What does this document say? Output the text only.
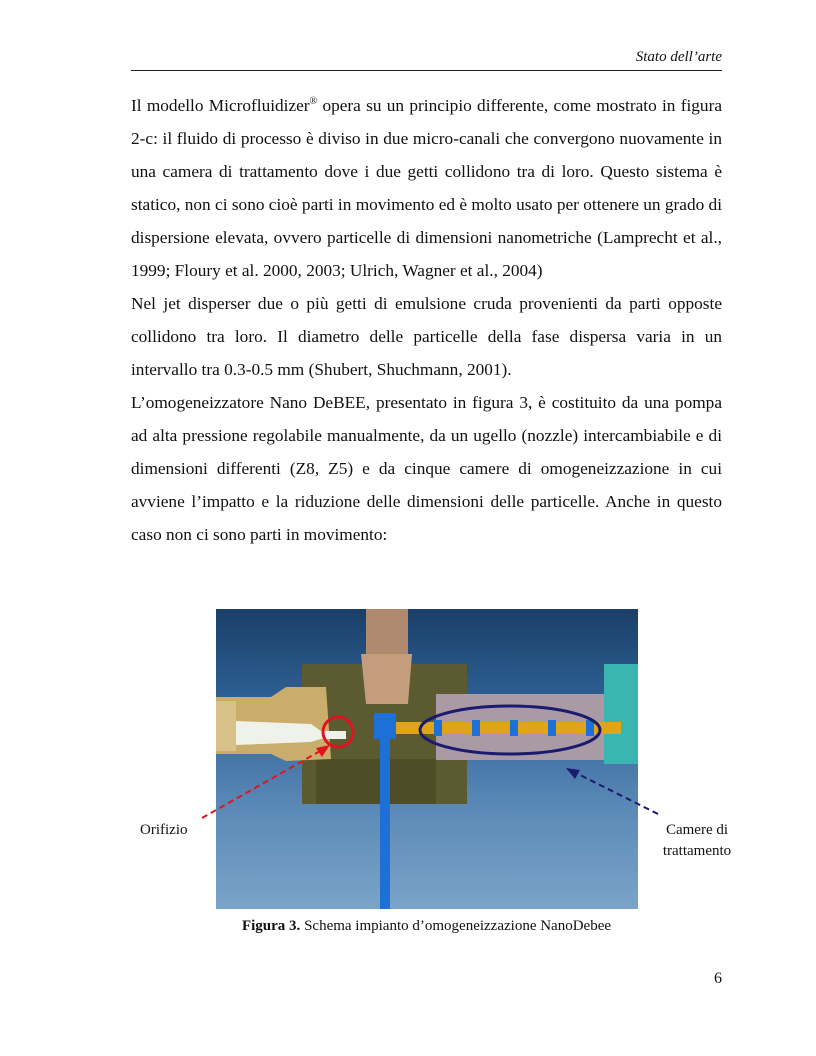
Stato dell’arte

Il modello Microfluidizer® opera su un principio differente, come mostrato in figura 2-c: il fluido di processo è diviso in due micro-canali che convergono nuovamente in una camera di trattamento dove i due getti collidono tra di loro. Questo sistema è statico, non ci sono cioè parti in movimento ed è molto usato per ottenere un grado di dispersione elevata, ovvero particelle di dimensioni nanometriche (Lamprecht et al., 1999; Floury et al. 2000, 2003; Ulrich, Wagner et al., 2004)

Nel jet disperser due o più getti di emulsione cruda provenienti da parti opposte collidono tra loro. Il diametro delle particelle della fase dispersa varia in un intervallo tra 0.3-0.5 mm (Shubert, Shuchmann, 2001).

L’omogeneizzatore Nano DeBEE, presentato in figura 3, è costituito da una pompa ad alta pressione regolabile manualmente, da un ugello (nozzle) intercambiabile e di dimensioni differenti (Z8, Z5) e da cinque camere di omogeneizzazione in cui avviene l’impatto e la riduzione delle dimensioni delle particelle. Anche in questo caso non ci sono parti in movimento:

Orifizio	Camere di
trattamento
Figura 3. Schema impianto d’omogeneizzazione NanoDebee
6
